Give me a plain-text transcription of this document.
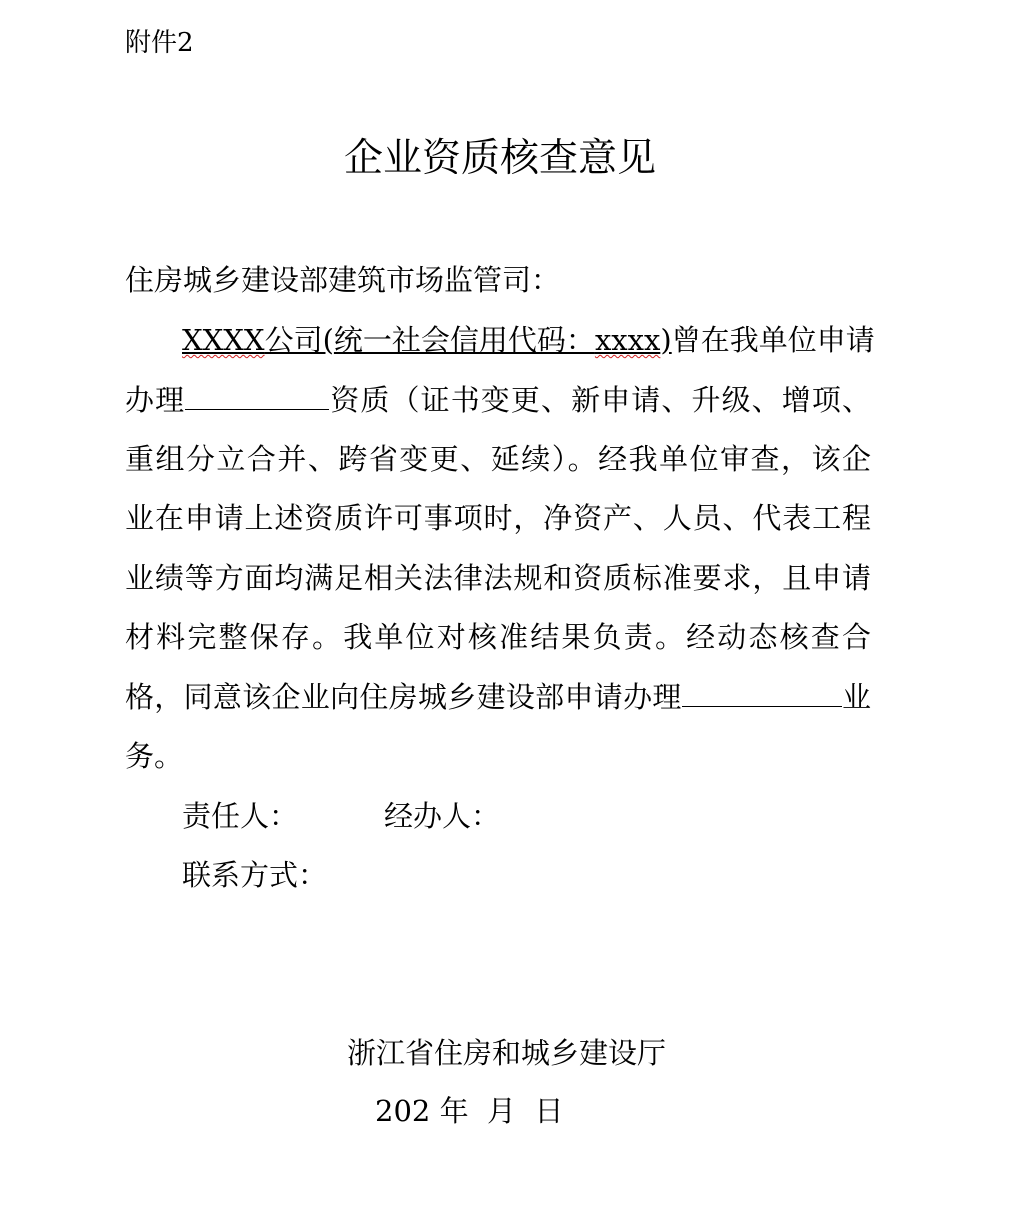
附件2
企业资质核查意见
住房城乡建设部建筑市场监管司：
XXXX公司(统一社会信用代码：xxxx)曾在我单位申请
办理	资质（证书变更、新申请、升级、增项、
重组分立合并、跨省变更、延续）。经我单位审查，该企
业在申请上述资质许可事项时，净资产、人员、代表工程
业绩等方面均满足相关法律法规和资质标准要求，且申请
材料完整保存。我单位对核准结果负责。经动态核查合
格，同意该企业向住房城乡建设部申请办理	业
务。
责任人：	经办人：
联系方式：
浙江省住房和城乡建设厅
202 年  月  日
